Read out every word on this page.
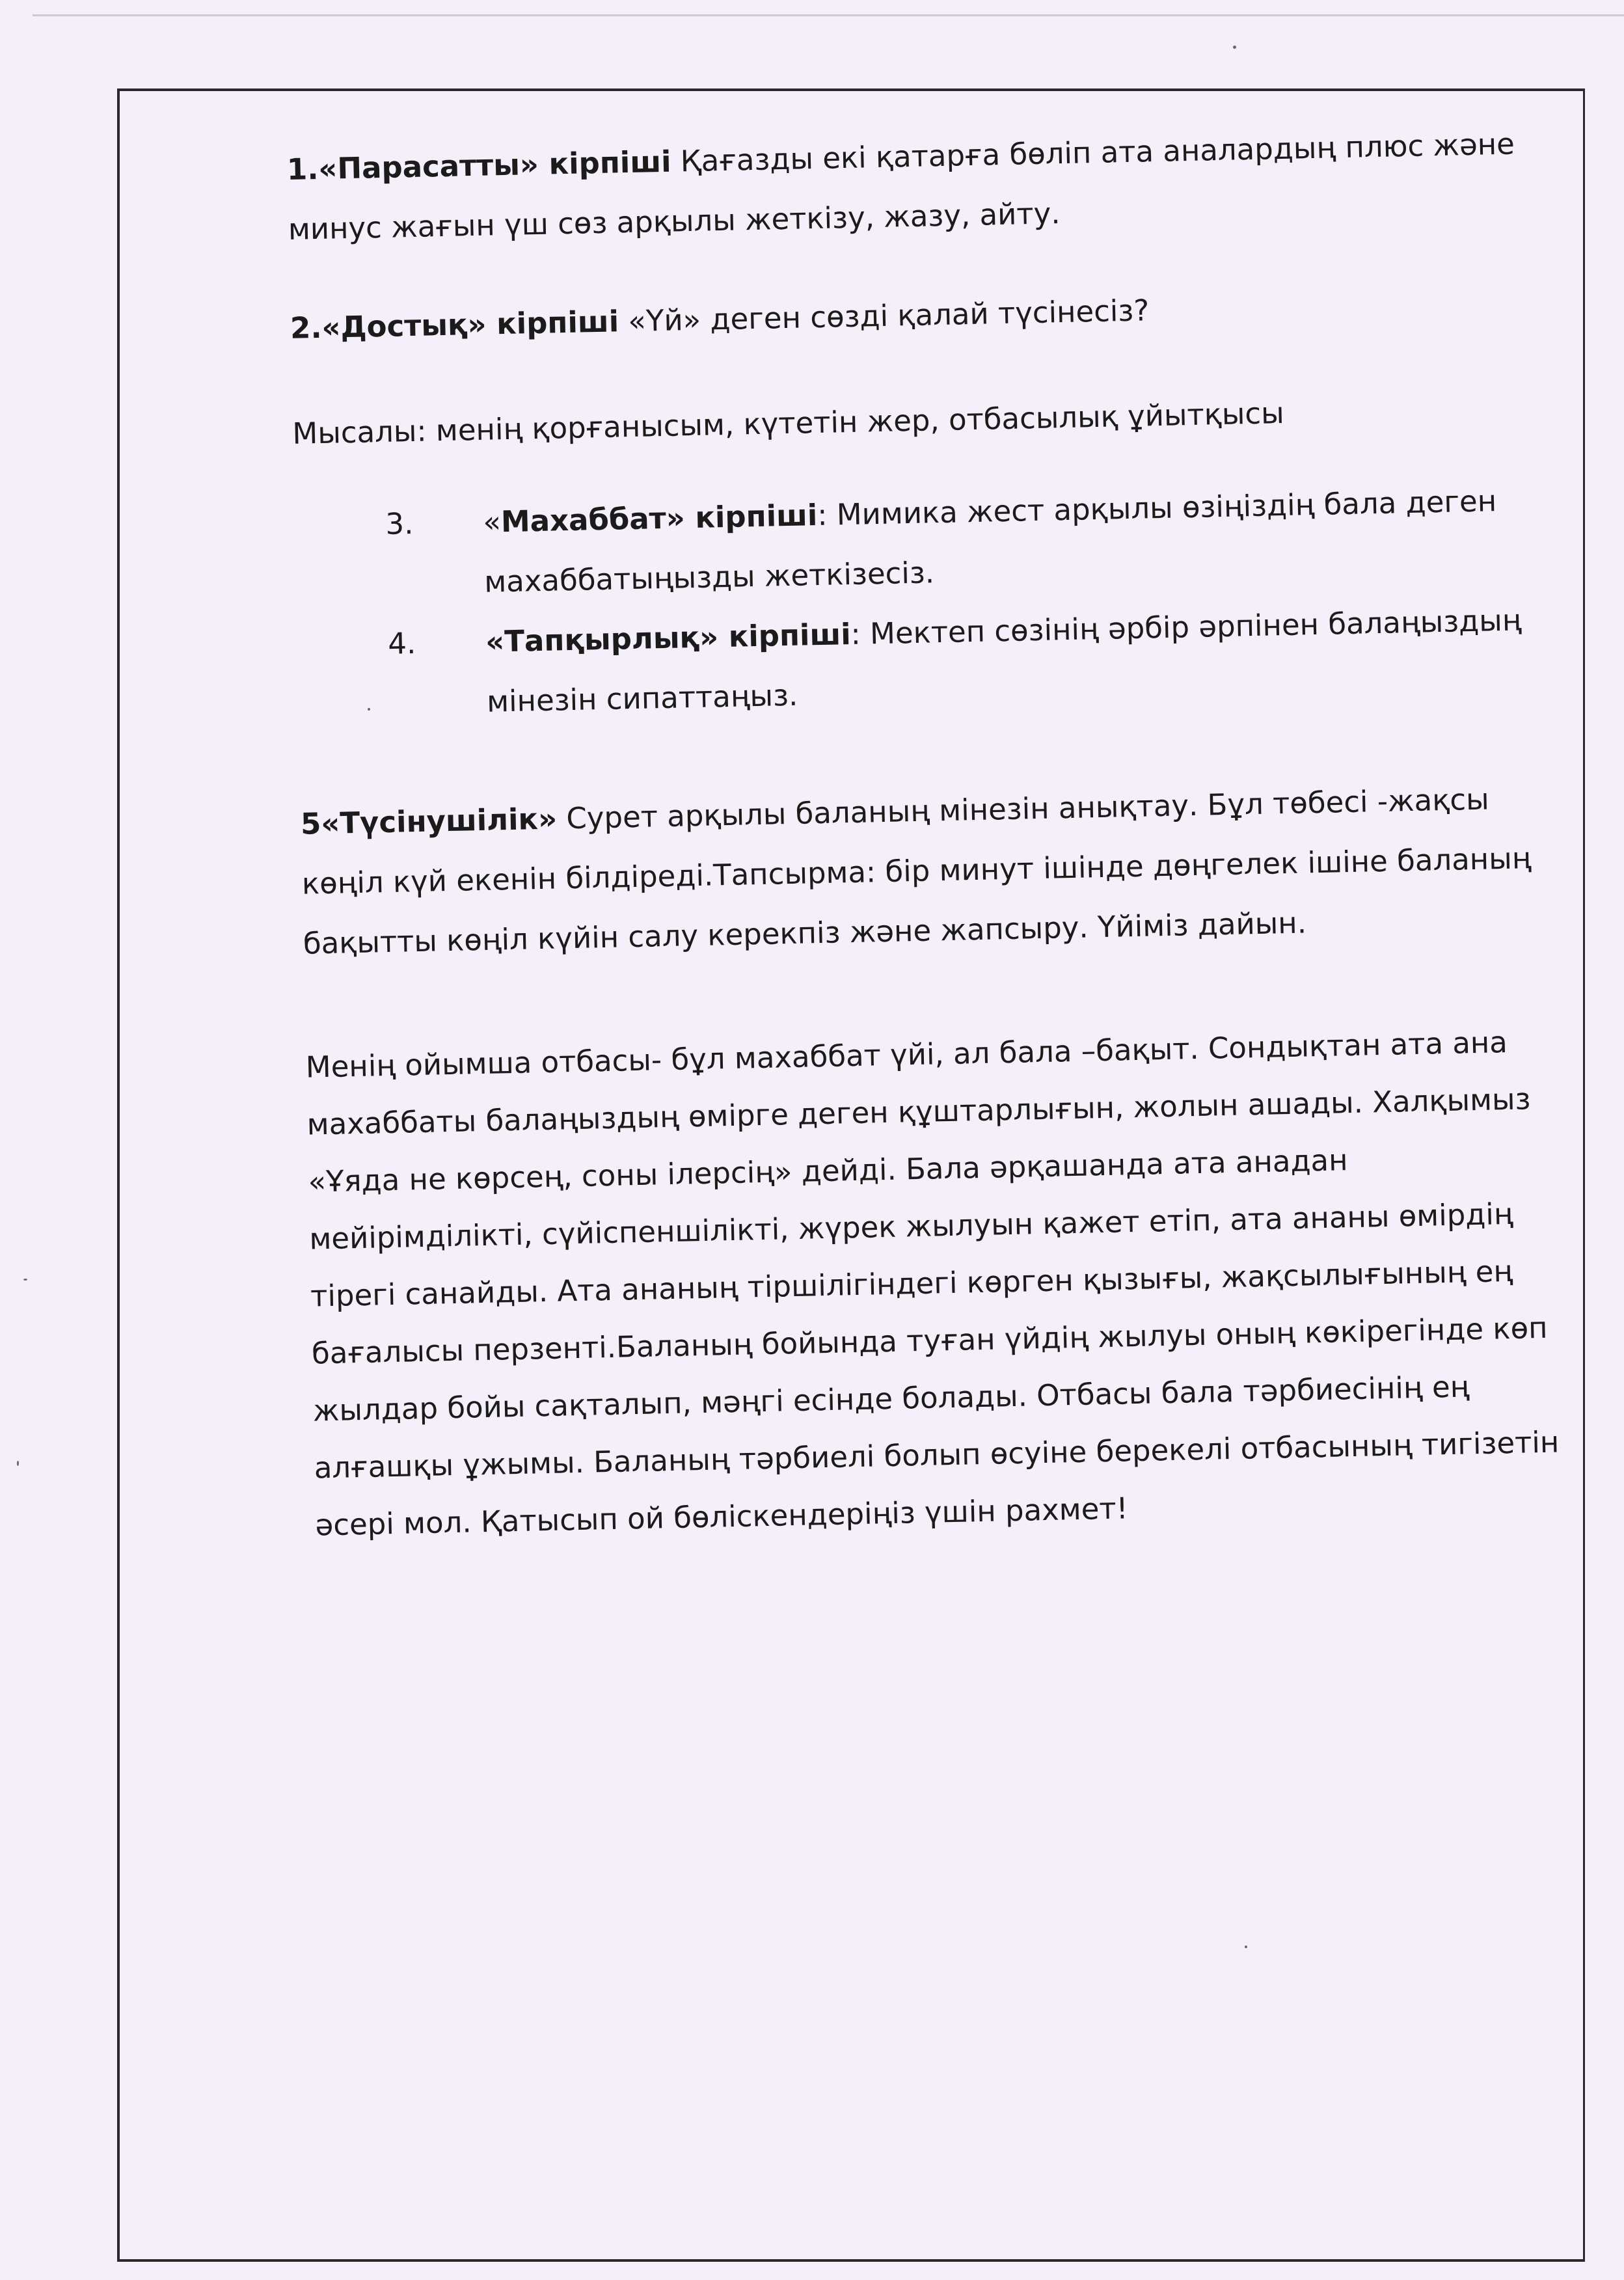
1.«Парасатты» кірпіші Қағазды екі қатарға бөліп ата аналардың плюс және минус жағын үш сөз арқылы жеткізу, жазу, айту.

2.«Достық» кірпіші «Үй» деген сөзді қалай түсінесіз?

Мысалы: менің қорғанысым, күтетін жер, отбасылық ұйытқысы

3.	«Махаббат» кірпіші: Мимика жест арқылы өзіңіздің бала деген махаббатыңызды жеткізесіз.
4.	«Тапқырлық» кірпіші: Мектеп сөзінің әрбір әрпінен балаңыздың мінезін сипаттаңыз.

5«Түсінушілік» Сурет арқылы баланың мінезін анықтау. Бұл төбесі -жақсы көңіл күй екенін білдіреді.Тапсырма: бір минут ішінде дөңгелек ішіне баланың бақытты көңіл күйін салу керекпіз және жапсыру. Үйіміз дайын.

Менің ойымша отбасы- бұл махаббат үйі, ал бала –бақыт. Сондықтан ата ана махаббаты балаңыздың өмірге деген құштарлығын, жолын ашады. Халқымыз «Ұяда не көрсең, соны ілерсің» дейді. Бала әрқашанда ата анадан мейірімділікті, сүйіспеншілікті, жүрек жылуын қажет етіп, ата ананы өмірдің тірегі санайды. Ата ананың тіршілігіндегі көрген қызығы, жақсылығының ең бағалысы перзенті.Баланың бойында туған үйдің жылуы оның көкірегінде көп жылдар бойы сақталып, мәңгі есінде болады. Отбасы бала тәрбиесінің ең алғашқы ұжымы. Баланың тәрбиелі болып өсуіне берекелі отбасының тигізетін әсері мол. Қатысып ой бөліскендеріңіз үшін рахмет!
